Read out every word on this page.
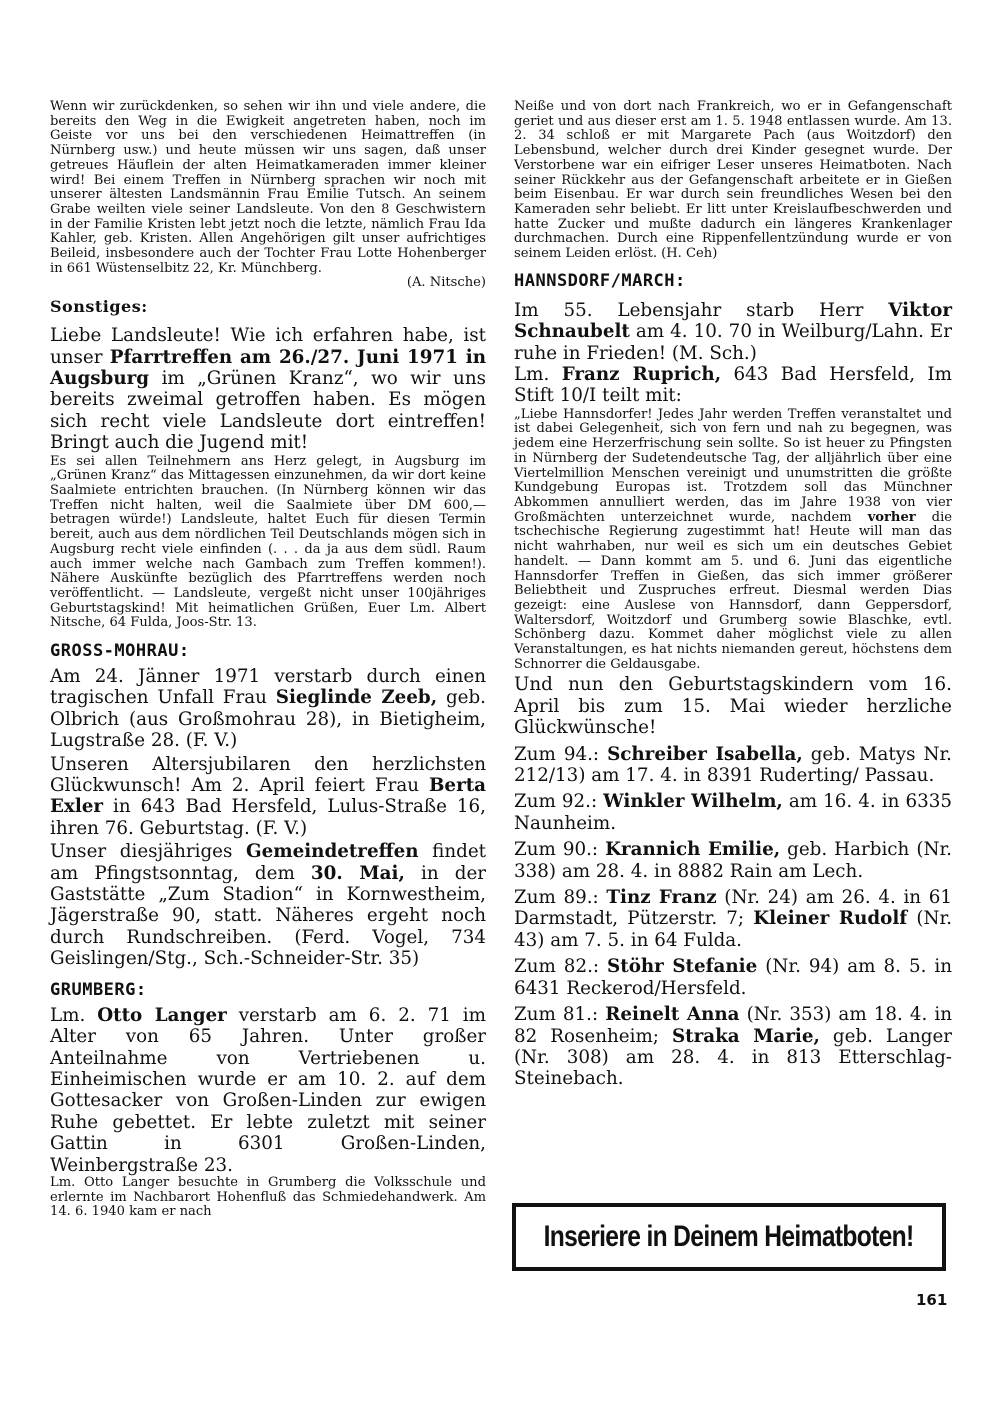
Wenn wir zurückdenken, so sehen wir ihn und viele andere, die bereits den Weg in die Ewigkeit angetreten haben, noch im Geiste vor uns bei den verschiedenen Heimattreffen (in Nürnberg usw.) und heute müssen wir uns sagen, daß unser getreues Häuflein der alten Heimatkameraden immer kleiner wird! Bei einem Treffen in Nürnberg sprachen wir noch mit unserer ältesten Landsmännin Frau Emilie Tutsch. An seinem Grabe weilten viele seiner Landsleute. Von den 8 Geschwistern in der Familie Kristen lebt jetzt noch die letzte, nämlich Frau Ida Kahler, geb. Kristen. Allen Angehörigen gilt unser aufrichtiges Beileid, insbesondere auch der Tochter Frau Lotte Hohenberger in 661 Wüstenselbitz 22, Kr. Münchberg.

(A. Nitsche)

Sonstiges:

Liebe Landsleute! Wie ich erfahren habe, ist unser Pfarrtreffen am 26./27. Juni 1971 in Augsburg im „Grünen Kranz“, wo wir uns bereits zweimal getroffen haben. Es mögen sich recht viele Landsleute dort eintreffen! Bringt auch die Jugend mit!

Es sei allen Teilnehmern ans Herz gelegt, in Augsburg im „Grünen Kranz“ das Mittagessen einzunehmen, da wir dort keine Saalmiete entrichten brauchen. (In Nürnberg können wir das Treffen nicht halten, weil die Saalmiete über DM 600,— betragen würde!) Landsleute, haltet Euch für diesen Termin bereit, auch aus dem nördlichen Teil Deutschlands mögen sich in Augsburg recht viele einfinden (. . . da ja aus dem südl. Raum auch immer welche nach Gambach zum Treffen kommen!). Nähere Auskünfte bezüglich des Pfarrtreffens werden noch veröffentlicht. — Landsleute, vergeßt nicht unser 100jähriges Geburtstagskind! Mit heimatlichen Grüßen, Euer Lm. Albert Nitsche, 64 Fulda, Joos-Str. 13.

GROSS-MOHRAU:

Am 24. Jänner 1971 verstarb durch einen tragischen Unfall Frau Sieglinde Zeeb, geb. Olbrich (aus Großmohrau 28), in Bietigheim, Lugstraße 28. (F. V.)

Unseren Altersjubilaren den herzlichsten Glückwunsch! Am 2. April feiert Frau Berta Exler in 643 Bad Hersfeld, Lulus-Straße 16, ihren 76. Geburtstag. (F. V.)

Unser diesjähriges Gemeindetreffen findet am Pfingstsonntag, dem 30. Mai, in der Gaststätte „Zum Stadion“ in Kornwestheim, Jägerstraße 90, statt. Näheres ergeht noch durch Rundschreiben. (Ferd. Vogel, 734 Geislingen/Stg., Sch.-Schneider-Str. 35)

GRUMBERG:

Lm. Otto Langer verstarb am 6. 2. 71 im Alter von 65 Jahren. Unter großer Anteilnahme von Vertriebenen u. Einheimischen wurde er am 10. 2. auf dem Gottesacker von Großen-Linden zur ewigen Ruhe gebettet. Er lebte zuletzt mit seiner Gattin in 6301 Großen-Linden, Weinbergstraße 23.

Lm. Otto Langer besuchte in Grumberg die Volksschule und erlernte im Nachbarort Hohenfluß das Schmiedehandwerk. Am 14. 6. 1940 kam er nach

Neiße und von dort nach Frankreich, wo er in Gefangenschaft geriet und aus dieser erst am 1. 5. 1948 entlassen wurde. Am 13. 2. 34 schloß er mit Margarete Pach (aus Woitzdorf) den Lebensbund, welcher durch drei Kinder gesegnet wurde. Der Verstorbene war ein eifriger Leser unseres Heimatboten. Nach seiner Rückkehr aus der Gefangenschaft arbeitete er in Gießen beim Eisenbau. Er war durch sein freundliches Wesen bei den Kameraden sehr beliebt. Er litt unter Kreislaufbeschwerden und hatte Zucker und mußte dadurch ein längeres Krankenlager durchmachen. Durch eine Rippenfellentzündung wurde er von seinem Leiden erlöst. (H. Ceh)

HANNSDORF/MARCH:

Im 55. Lebensjahr starb Herr Viktor Schnaubelt am 4. 10. 70 in Weilburg/Lahn. Er ruhe in Frieden! (M. Sch.)

Lm. Franz Ruprich, 643 Bad Hersfeld, Im Stift 10/I teilt mit:

„Liebe Hannsdorfer! Jedes Jahr werden Treffen veranstaltet und ist dabei Gelegenheit, sich von fern und nah zu begegnen, was jedem eine Herzerfrischung sein sollte. So ist heuer zu Pfingsten in Nürnberg der Sudetendeutsche Tag, der alljährlich über eine Viertelmillion Menschen vereinigt und unumstritten die größte Kundgebung Europas ist. Trotzdem soll das Münchner Abkommen annulliert werden, das im Jahre 1938 von vier Großmächten unterzeichnet wurde, nachdem vorher die tschechische Regierung zugestimmt hat! Heute will man das nicht wahrhaben, nur weil es sich um ein deutsches Gebiet handelt. — Dann kommt am 5. und 6. Juni das eigentliche Hannsdorfer Treffen in Gießen, das sich immer größerer Beliebtheit und Zuspruches erfreut. Diesmal werden Dias gezeigt: eine Auslese von Hannsdorf, dann Geppersdorf, Waltersdorf, Woitzdorf und Grumberg sowie Blaschke, evtl. Schönberg dazu. Kommet daher möglichst viele zu allen Veranstaltungen, es hat nichts niemanden gereut, höchstens dem Schnorrer die Geldausgabe.

Und nun den Geburtstagskindern vom 16. April bis zum 15. Mai wieder herzliche Glückwünsche!

Zum 94.: Schreiber Isabella, geb. Matys Nr. 212/13) am 17. 4. in 8391 Ruderting/ Passau.

Zum 92.: Winkler Wilhelm, am 16. 4. in 6335 Naunheim.

Zum 90.: Krannich Emilie, geb. Harbich (Nr. 338) am 28. 4. in 8882 Rain am Lech.

Zum 89.: Tinz Franz (Nr. 24) am 26. 4. in 61 Darmstadt, Pützerstr. 7; Kleiner Rudolf (Nr. 43) am 7. 5. in 64 Fulda.

Zum 82.: Stöhr Stefanie (Nr. 94) am 8. 5. in 6431 Reckerod/Hersfeld.

Zum 81.: Reinelt Anna (Nr. 353) am 18. 4. in 82 Rosenheim; Straka Marie, geb. Langer (Nr. 308) am 28. 4. in 813 Etterschlag-Steinebach.

Inseriere in Deinem Heimatboten!
161
